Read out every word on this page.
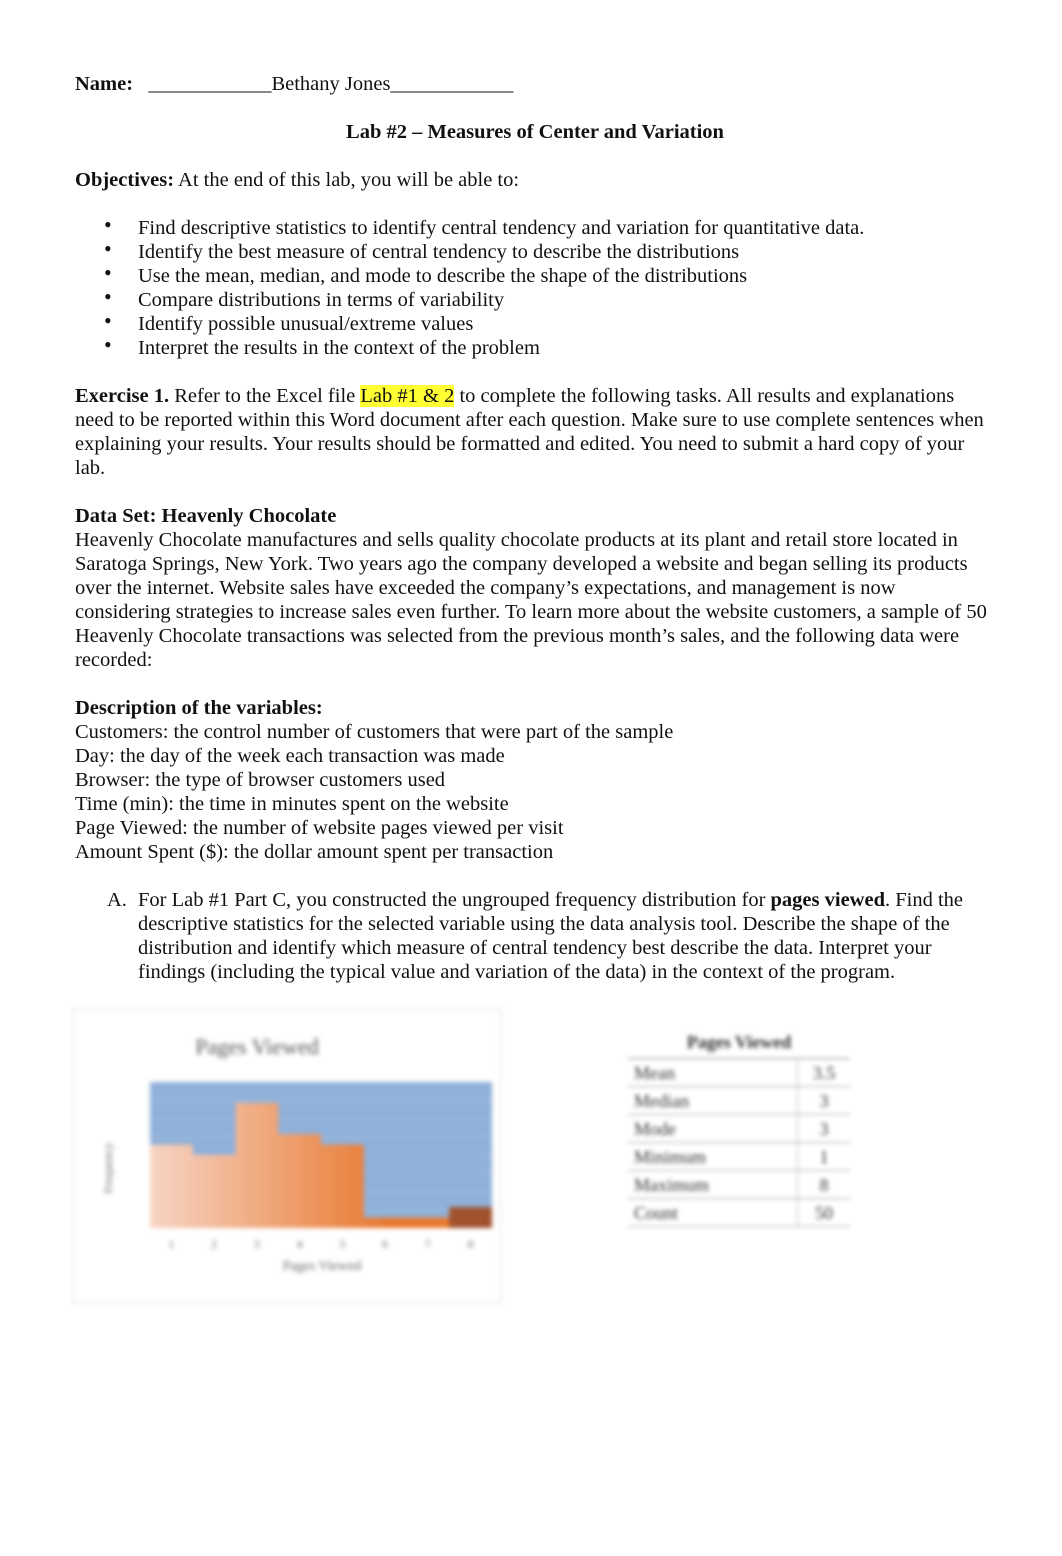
Name: ____________Bethany Jones____________
Lab #2 – Measures of Center and Variation
Objectives: At the end of this lab, you will be able to:
• Find descriptive statistics to identify central tendency and variation for quantitative data.
• Identify the best measure of central tendency to describe the distributions
• Use the mean, median, and mode to describe the shape of the distributions
• Compare distributions in terms of variability
• Identify possible unusual/extreme values
• Interpret the results in the context of the problem
Exercise 1. Refer to the Excel file Lab #1 & 2 to complete the following tasks. All results and explanations need to be reported within this Word document after each question. Make sure to use complete sentences when explaining your results. Your results should be formatted and edited. You need to submit a hard copy of your lab.
Data Set: Heavenly Chocolate
Heavenly Chocolate manufactures and sells quality chocolate products at its plant and retail store located in Saratoga Springs, New York. Two years ago the company developed a website and began selling its products over the internet. Website sales have exceeded the company’s expectations, and management is now considering strategies to increase sales even further. To learn more about the website customers, a sample of 50 Heavenly Chocolate transactions was selected from the previous month’s sales, and the following data were recorded:
Description of the variables:
Customers: the control number of customers that were part of the sample
Day: the day of the week each transaction was made
Browser: the type of browser customers used
Time (min): the time in minutes spent on the website
Page Viewed: the number of website pages viewed per visit
Amount Spent ($): the dollar amount spent per transaction
A. For Lab #1 Part C, you constructed the ungrouped frequency distribution for pages viewed. Find the descriptive statistics for the selected variable using the data analysis tool. Describe the shape of the distribution and identify which measure of central tendency best describe the data. Interpret your findings (including the typical value and variation of the data) in the context of the program.
Pages Viewed
1	2	3	4	5	6	7	8
Pages Viewed
Frequency
Pages Viewed	
Mean	3.5
Median	3
Mode	3
Minimum	1
Maximum	8
Count	50
